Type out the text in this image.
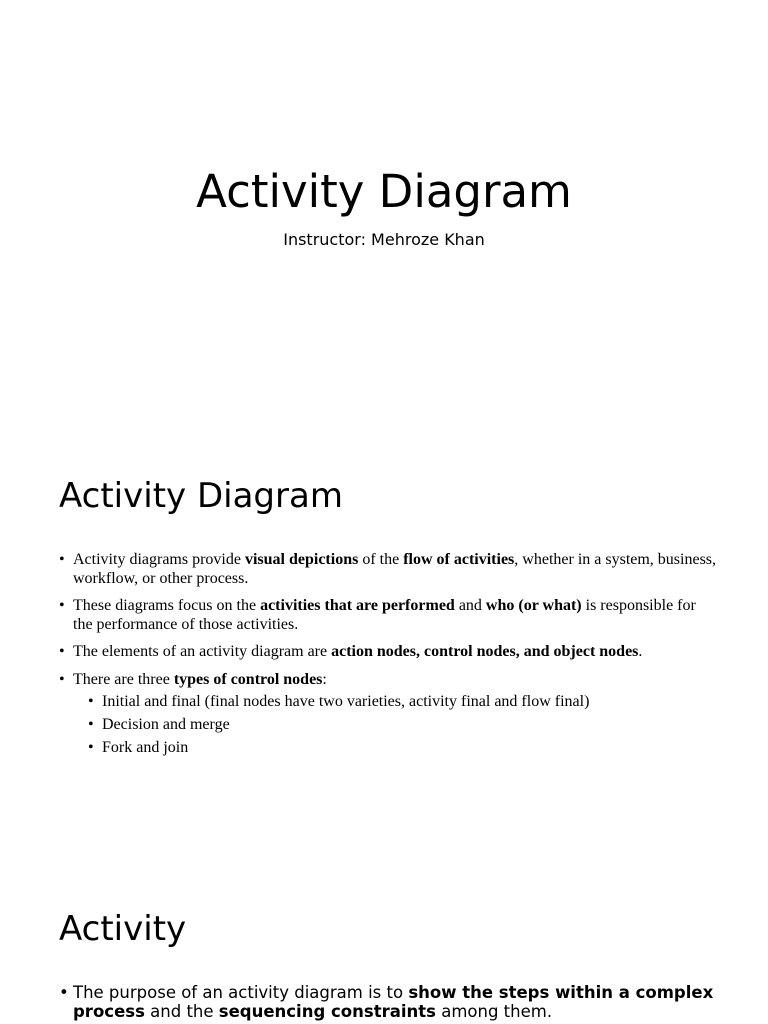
Activity Diagram
Instructor: Mehroze Khan
Activity Diagram
• Activity diagrams provide visual depictions of the flow of activities, whether in a system, business, workflow, or other process.
• These diagrams focus on the activities that are performed and who (or what) is responsible for the performance of those activities.
• The elements of an activity diagram are action nodes, control nodes, and object nodes.
• There are three types of control nodes:
• Initial and final (final nodes have two varieties, activity final and flow final)
• Decision and merge
• Fork and join
Activity
• The purpose of an activity diagram is to show the steps within a complex process and the sequencing constraints among them.
